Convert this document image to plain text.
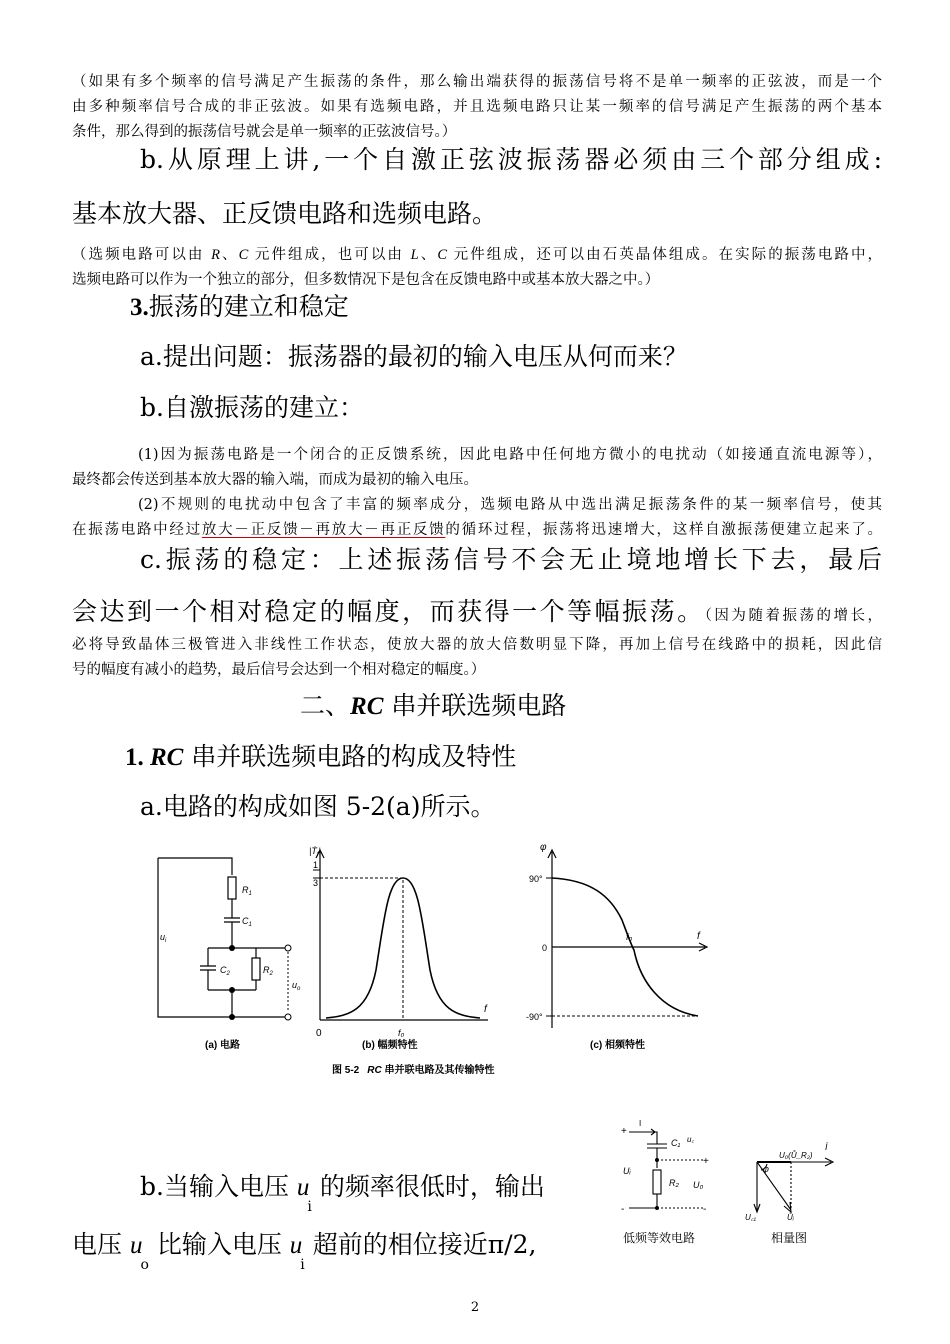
（如果有多个频率的信号满足产生振荡的条件，那么输出端获得的振荡信号将不是单一频率的正弦波，而是一个
由多种频率信号合成的非正弦波。如果有选频电路，并且选频电路只让某一频率的信号满足产生振荡的两个基本
条件，那么得到的振荡信号就会是单一频率的正弦波信号。）
b.从原理上讲,一个自激正弦波振荡器必须由三个部分组成:
基本放大器、正反馈电路和选频电路。
（选频电路可以由 R、C 元件组成，也可以由 L、C 元件组成，还可以由石英晶体组成。在实际的振荡电路中，
选频电路可以作为一个独立的部分，但多数情况下是包含在反馈电路中或基本放大器之中。）
3.振荡的建立和稳定
a.提出问题：振荡器的最初的输入电压从何而来？
b.自激振荡的建立：
(1)因为振荡电路是一个闭合的正反馈系统，因此电路中任何地方微小的电扰动（如接通直流电源等），
最终都会传送到基本放大器的输入端，而成为最初的输入电压。
(2)不规则的电扰动中包含了丰富的频率成分，选频电路从中选出满足振荡条件的某一频率信号，使其
在振荡电路中经过放大－正反馈－再放大－再正反馈的循环过程，振荡将迅速增大，这样自激振荡便建立起来了。
c.振荡的稳定：上述振荡信号不会无止境地增长下去，最后
会达到一个相对稳定的幅度，而获得一个等幅振荡。（因为随着振荡的增长，
必将导致晶体三极管进入非线性工作状态，使放大器的放大倍数明显下降，再加上信号在线路中的损耗，因此信
号的幅度有减小的趋势，最后信号会达到一个相对稳定的幅度。）
二、RC 串并联选频电路
1. RC 串并联选频电路的构成及特性
a.电路的构成如图 5-2(a)所示。
$R_1$
$C_1$
$C_2$	$R_2$
$u_i$
$u_o$
(a) 电路
|Ṫ$_f$|
1
3
0
f
f₀
(b) 幅频特性
φ
90°
0
-90°
f₀	f
(c) 相频特性
图 5-2 RC 串并联电路及其传输特性
b.当输入电压 $u_i$ 的频率很低时，输出
电压 $u_o$ 比输入电压 $u_i$ 超前的相位接近π/2,
+
-
+
-
C₁ u꜀
Uᵢ
R₂ U₀
İ
İ
φ
U₀(Ů_R₂)
U꜀₁	Ůᵢ
低频等效电路	相量图
2
